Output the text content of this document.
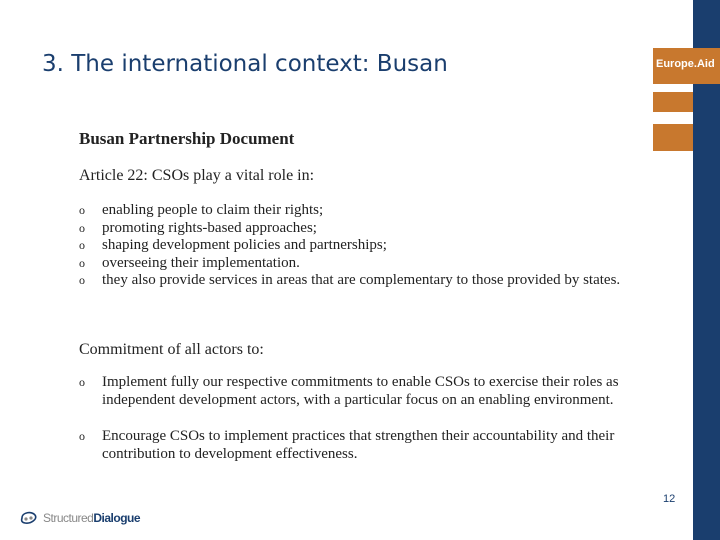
Europe.Aid
3. The international context: Busan
Busan Partnership Document
Article 22: CSOs play a vital role in:
o enabling people to claim their rights;
o promoting rights-based approaches;
o shaping development policies and partnerships;
o overseeing their implementation.
o they also provide services in areas that are complementary to those provided by states.
Commitment of all actors to:
o Implement fully our respective commitments to enable CSOs to exercise their roles as independent development actors, with a particular focus on an enabling environment.
o Encourage CSOs to implement practices that strengthen their accountability and their contribution to development effectiveness.
12
StructuredDialogue
